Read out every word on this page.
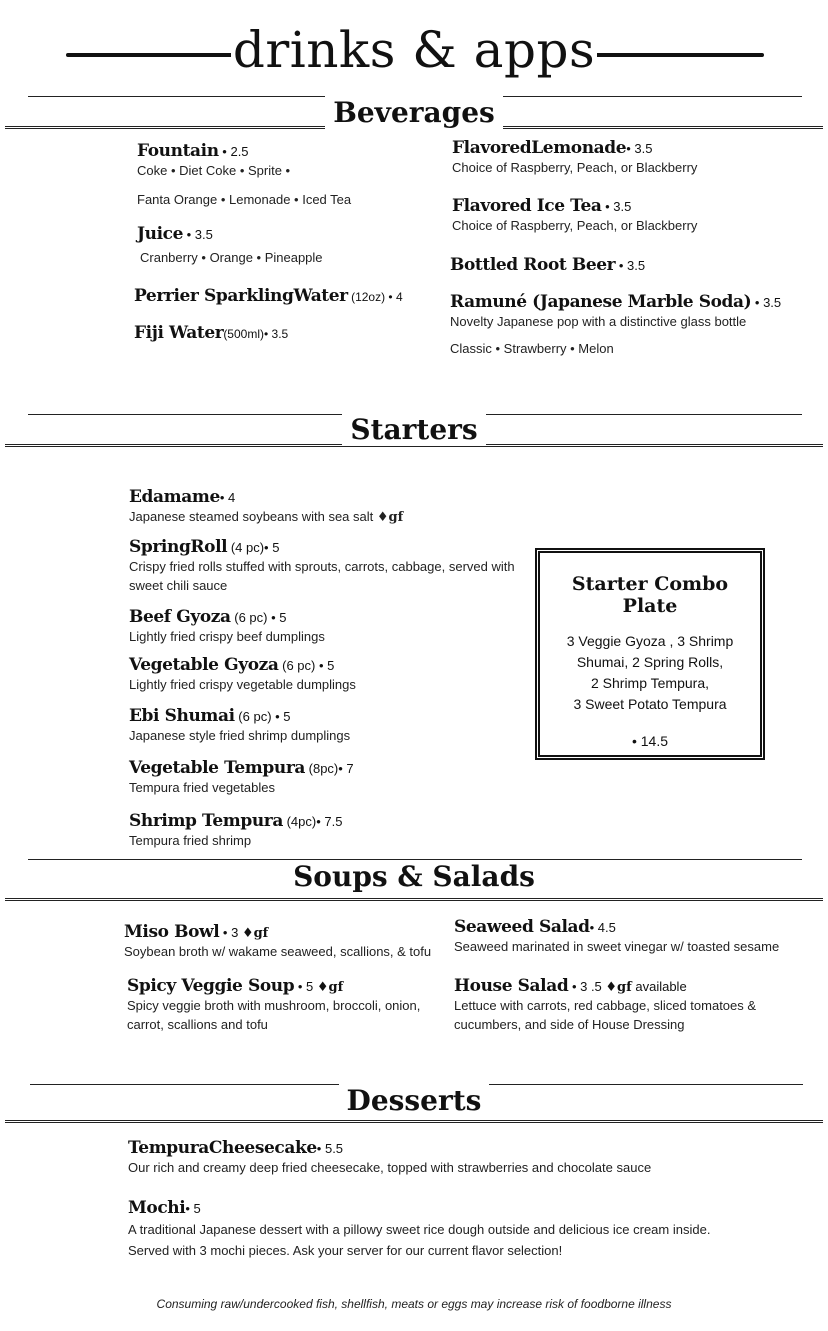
drinks & apps
Beverages
Fountain • 2.5
Coke • Diet Coke • Sprite •
Fanta Orange • Lemonade • Iced Tea
Juice • 3.5
Cranberry • Orange • Pineapple
Perrier SparklingWater (12oz) • 4
Fiji Water(500ml)• 3.5
FlavoredLemonade• 3.5
Choice of Raspberry, Peach, or Blackberry
Flavored Ice Tea • 3.5
Choice of Raspberry, Peach, or Blackberry
Bottled Root Beer • 3.5
Ramuné (Japanese Marble Soda) • 3.5
Novelty Japanese pop with a distinctive glass bottle
Classic • Strawberry • Melon
Starters
Edamame• 4
Japanese steamed soybeans with sea salt ♦gf
SpringRoll (4 pc)• 5
Crispy fried rolls stuffed with sprouts, carrots, cabbage, served with
sweet chili sauce
Beef Gyoza (6 pc) • 5
Lightly fried crispy beef dumplings
Vegetable Gyoza (6 pc) • 5
Lightly fried crispy vegetable dumplings
Ebi Shumai (6 pc) • 5
Japanese style fried shrimp dumplings
Vegetable Tempura (8pc)• 7
Tempura fried vegetables
Shrimp Tempura (4pc)• 7.5
Tempura fried shrimp
Starter Combo Plate
3 Veggie Gyoza , 3 Shrimp
Shumai, 2 Spring Rolls,
2 Shrimp Tempura,
3 Sweet Potato Tempura
• 14.5
Soups & Salads
Miso Bowl • 3 ♦gf
Soybean broth w/ wakame seaweed, scallions, & tofu
Spicy Veggie Soup • 5 ♦gf
Spicy veggie broth with mushroom, broccoli, onion,
carrot, scallions and tofu
Seaweed Salad• 4.5
Seaweed marinated in sweet vinegar w/ toasted sesame
House Salad • 3 .5 ♦gf available
Lettuce with carrots, red cabbage, sliced tomatoes &
cucumbers, and side of House Dressing
Desserts
TempuraCheesecake• 5.5
Our rich and creamy deep fried cheesecake, topped with strawberries and chocolate sauce
Mochi• 5
A traditional Japanese dessert with a pillowy sweet rice dough outside and delicious ice cream inside.
Served with 3 mochi pieces. Ask your server for our current flavor selection!
Consuming raw/undercooked fish, shellfish, meats or eggs may increase risk of foodborne illness
